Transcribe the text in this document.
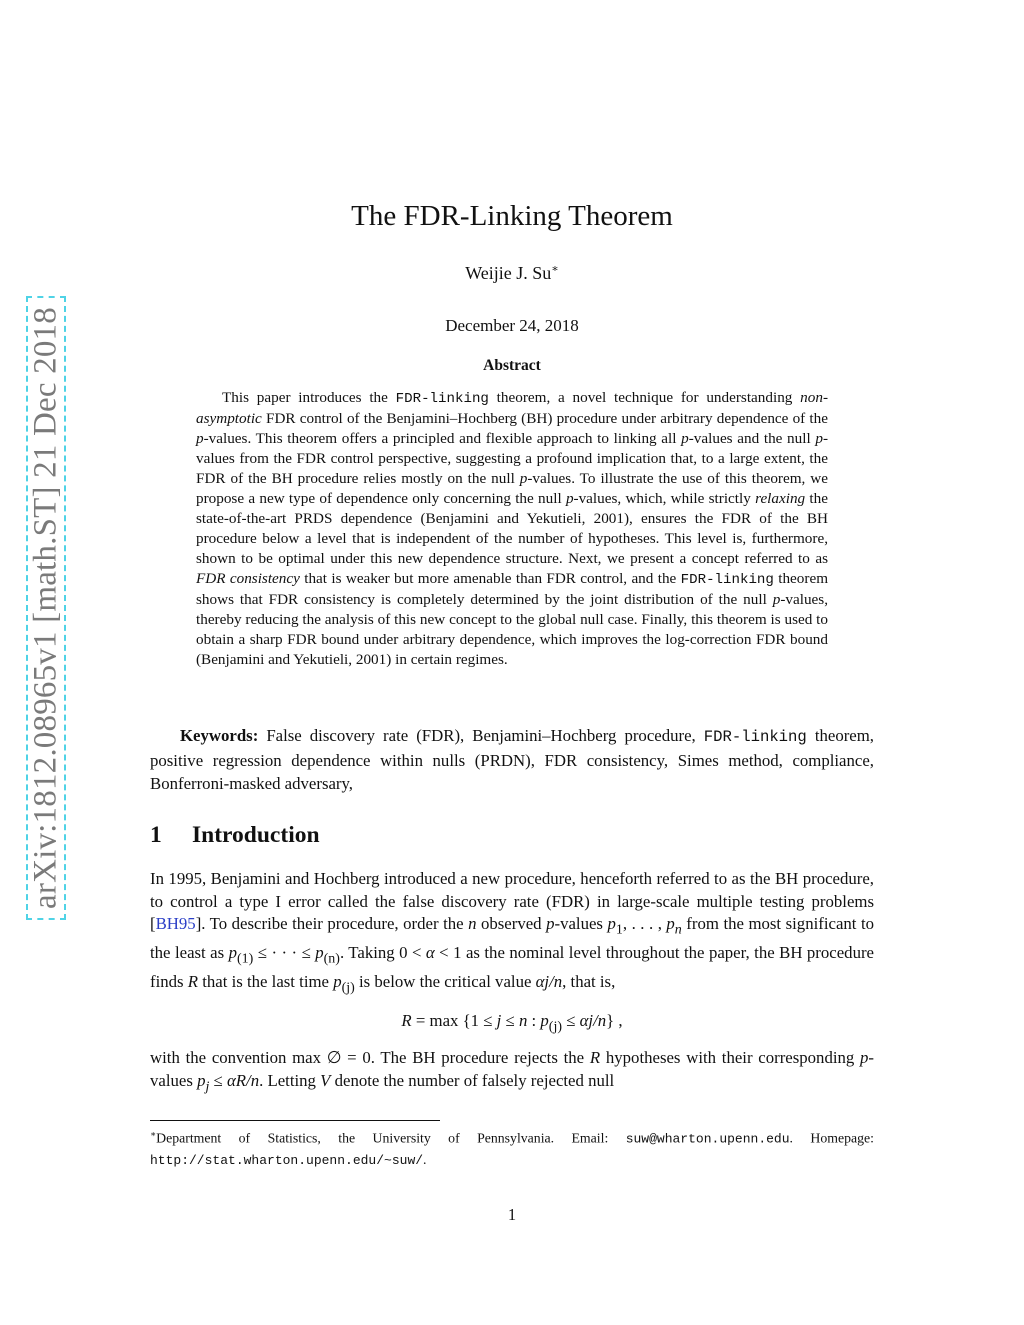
arXiv:1812.08965v1 [math.ST] 21 Dec 2018
The FDR-Linking Theorem
Weijie J. Su∗
December 24, 2018
Abstract
This paper introduces the FDR-linking theorem, a novel technique for understanding non-asymptotic FDR control of the Benjamini–Hochberg (BH) procedure under arbitrary dependence of the p-values. This theorem offers a principled and flexible approach to linking all p-values and the null p-values from the FDR control perspective, suggesting a profound implication that, to a large extent, the FDR of the BH procedure relies mostly on the null p-values. To illustrate the use of this theorem, we propose a new type of dependence only concerning the null p-values, which, while strictly relaxing the state-of-the-art PRDS dependence (Benjamini and Yekutieli, 2001), ensures the FDR of the BH procedure below a level that is independent of the number of hypotheses. This level is, furthermore, shown to be optimal under this new dependence structure. Next, we present a concept referred to as FDR consistency that is weaker but more amenable than FDR control, and the FDR-linking theorem shows that FDR consistency is completely determined by the joint distribution of the null p-values, thereby reducing the analysis of this new concept to the global null case. Finally, this theorem is used to obtain a sharp FDR bound under arbitrary dependence, which improves the log-correction FDR bound (Benjamini and Yekutieli, 2001) in certain regimes.
Keywords: False discovery rate (FDR), Benjamini–Hochberg procedure, FDR-linking theorem, positive regression dependence within nulls (PRDN), FDR consistency, Simes method, compliance, Bonferroni-masked adversary,
1 Introduction

In 1995, Benjamini and Hochberg introduced a new procedure, henceforth referred to as the BH procedure, to control a type I error called the false discovery rate (FDR) in large-scale multiple testing problems [BH95]. To describe their procedure, order the n observed p-values $p_1$, . . . , $p_n$ from the most significant to the least as $p_{(1)}$ ≤ · · · ≤ $p_{(n)}$. Taking 0 < α < 1 as the nominal level throughout the paper, the BH procedure finds R that is the last time $p_{(j)}$ is below the critical value αj/n, that is,

R = max {1 ≤ j ≤ n : $p_{(j)} \le \alpha j/n$} ,

with the convention max ∅ = 0. The BH procedure rejects the R hypotheses with their corresponding p-values $p_j \le \alpha R/n$. Letting V denote the number of falsely rejected null

∗Department of Statistics, the University of Pennsylvania. Email: suw@wharton.upenn.edu. Homepage: http://stat.wharton.upenn.edu/~suw/.
1
